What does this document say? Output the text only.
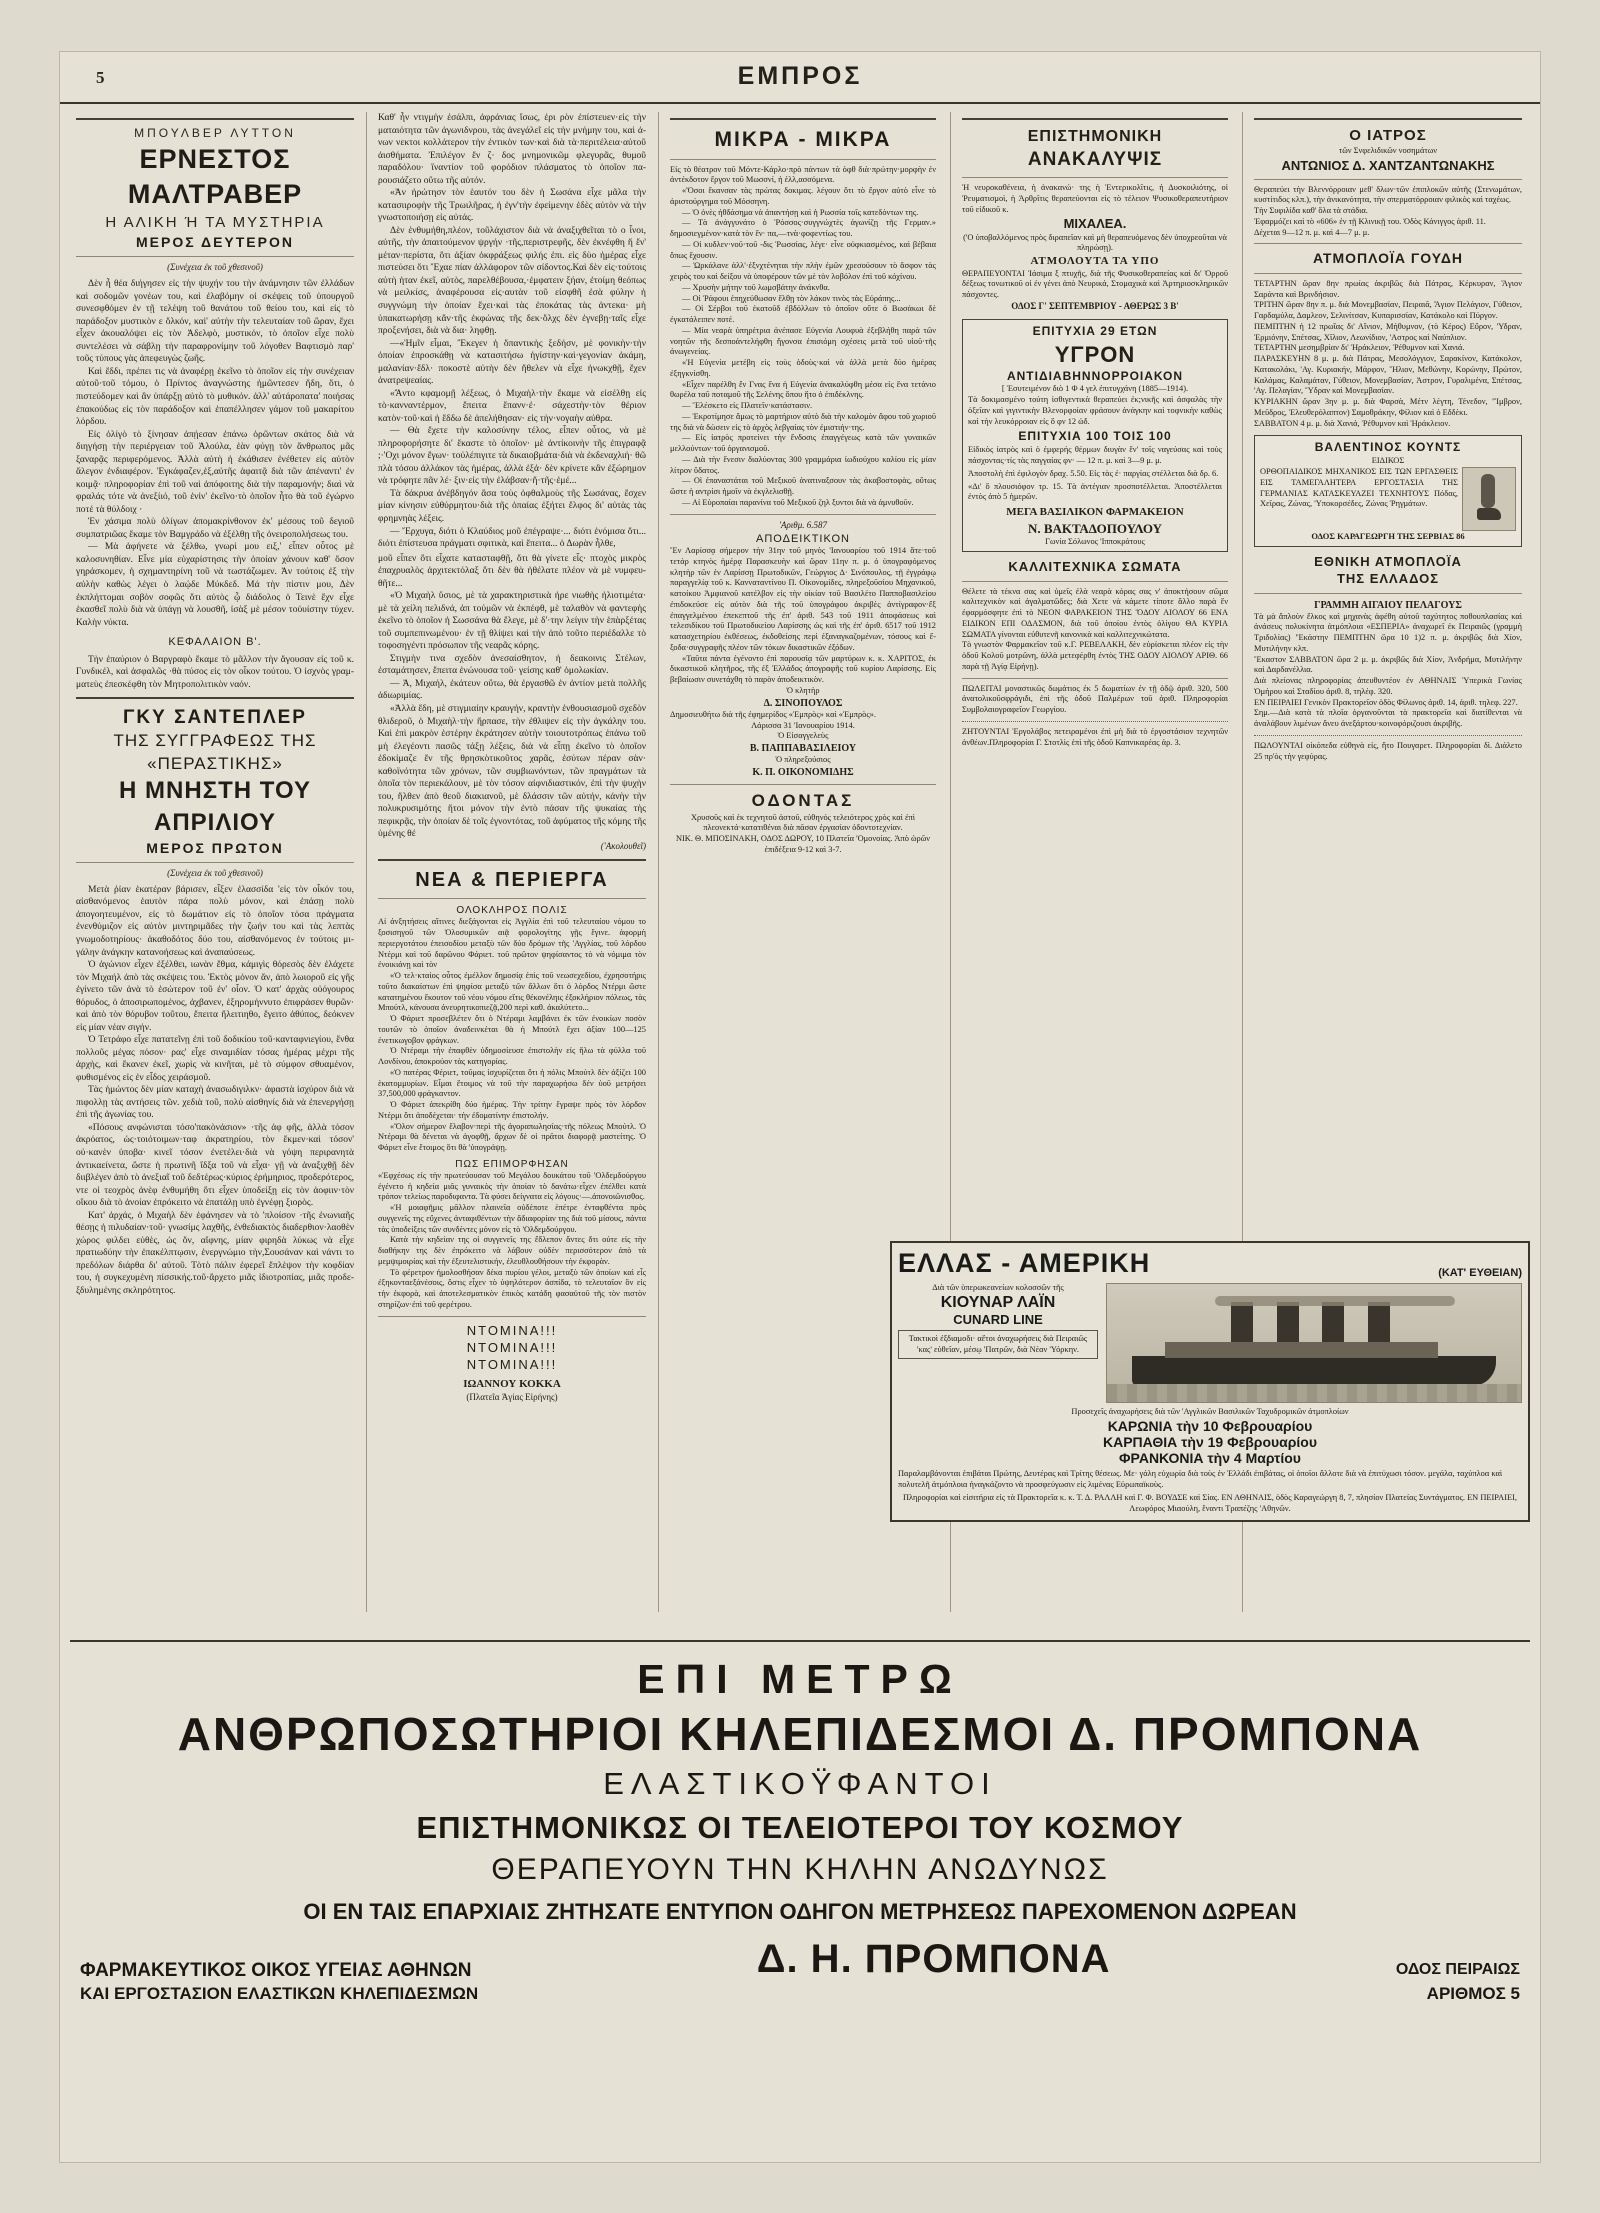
5	ΕΜΠΡΟΣ
ΜΠΟΥΛΒΕΡ ΛΥΤΤΟΝ
ΕΡΝΕΣΤΟΣ ΜΑΛΤΡΑΒΕΡ
Η ΑΛΙΚΗ Ή ΤΑ ΜΥΣΤΗΡΙΑ
ΜΕΡΟΣ ΔΕΥΤΕΡΟΝ
(Συνέχεια ἐκ τοῦ χθεσινοῦ)

Δὲν ἦ θέα διήγησεν εἰς τὴν ψυχήν του τὴν ἀνάμνησιν τῶν ἐλλάδων καὶ σοδομῶν γονέων του, καὶ ἐλαβόμην οἱ σκέψεις τοῦ ὑπουργοῦ συνεσφθόμεν ἐν τῇ τελέψη τοῦ θανάτου τοῦ θείου του, καὶ εἰς τὸ παράδοξον μυστικὸν ε ὅλκόν, καὶ' αὐτὴν τὴν τελευταίαν τοῦ ὥραν, ἔχει εἶχεν ἀκουαλόψει εἰς τὸν Ἀδελφὸ, μυστικόν, τὸ ὁποῖον εἶχε πολὺ συντελέσει νὰ σάβλῃ τὴν παραφρονίμην τοῦ λόγοθεν Βαφτισμὸ παρ' τοῦς τύπους γὰς ἀπεφευγὼς ζωῆς.

Καὶ ἔδδι, πρέπει τις νὰ ἀναφέρῃ ἐκεῖνο τὸ ὁποῖον εἰς τὴν συνέχειαν αὐτοῦ·τοῦ τόμου, ὁ Πρίντος ἀναγνώστης ἡμῶντεσεν ἤδη, ὅτι, ὁ πιστεύδομεν καὶ ἂν ὑπάρξῃ αὐτὸ τὸ μυθικόν. ἀλλ' αὐτάροπατα' ποιήσας ἐπακούδως εἰς τὸν παράδοξον καὶ ἐπαπέλλησεν γάμον τοῦ μακαρίτου λόρδου.

Εἰς ὀλίγὸ τὸ ξίνησαν ἀπῄεσαν ἐπάνω ὁρῶντων σκάτος διὰ νὰ διηγήσῃ τὴν περιέργειαν τοῦ Ἀλούλα, ἐὰν φύγῃ τὸν ἄνθρωπος μᾶς ξαναρᾷς περιφερόμενος. Ἀλλὰ αὐτὴ ἡ ἐκάθισεν ἐνέθετεν εἰς αὐτὸν ἄλεγον ἐνδιαφέρον. Ἐγκάφαζεν,ἐξ,αὐτῆς ἀφαιτᾷ διὰ τῶν ἀπέναντι' ἐν κοιμᾷ· πληροφορίαν ἐπὶ τοῦ ναὶ ἀπόφοιτης διὰ τὴν παραμονήν; διαὶ νὰ φραλάς τότε νὰ ἀνεξίιό, τοῦ ἐνἱν' ἐκεῖνο·τὸ ὁποῖον ἦτο θὰ τοῦ ἐγώρνο ποτέ τὰ θύλδοιχ ·

Ἐν χάσιμα πολὺ ὀλίγων ἀπομακρίνθονον ἐκ' μέσους τοῦ δεγιοῦ συμπατριῶας ἔκαμε τὸν Βαμγράδο νὰ ἐξέλθῃ τῆς ὀνειροπολήσεως του.

— Μὰ ἀφήνετε νὰ ξέλθω, γνωρὶ μου ειξ,' εἶπεν οὗτος μὲ καλοσυνηθίαν. Εἶνε μία εὐχαρίστησις τὴν ὁποίαν χάνουν καθ' ὅσον γηράσκομεν, ἡ σχημαντηρίνη τοῦ νὰ τωστάζωμεν. Ἀν τούτοις ἐξ τὴν αὐλὴν καθὼς λέγει ὁ λαῴδε Μύκδεδ. Μά τὴν πίστιν μου, Δὲν ἐκπλήττομαι σοβὸν σοφῶς ὅτι αὐτὸς ᾧ διάδολος ὁ Τεινὲ ἔχν εἶχε ἑκασθεῖ πολὺ διὰ νὰ ὑπάγῃ νὰ λουσθῆ, ἰσὰξ μὲ μέσον τοὐυίστην τύχεν. Καλὴν νύκτα.

ΚΕΦΑΛΑΙΟΝ Β'.

Τὴν ἐπαύριον ὁ Βαργραφὸ ἔκαμε τὸ μᾶλλον τὴν ἄγουσαν εἰς τοῦ κ. Γυνδικέλ, καὶ ἀσφαλῶς ·θὰ πύσος εἰς τὸν οἶκον τούτου. Ὁ ἰσχνὸς γραμματεὺς ἐπεσκέφθη τὸν Μητροπολιτικὸν ναόν.

ΓΚΥ ΣΑΝΤΕΠΛΕΡ
ΤΗΣ ΣΥΓΓΡΑΦΕΩΣ ΤΗΣ «ΠΕΡΑΣΤΙΚΗΣ»
Η ΜΝΗΣΤΗ ΤΟΥ ΑΠΡΙΛΙΟΥ
ΜΕΡΟΣ ΠΡΩΤΟΝ
(Συνέχεια ἐκ τοῦ χθεσινοῦ)

Μετὰ ῥἰαν ἑκατέραν βάρισεν, εἶξεν ἐλασσίδα 'εἰς τὸν οἶκόν του, αἰσθανόμενος ἑαυτὸν πάρα πολὺ μόνον, καὶ ἐπάσῃ πολὺ ἀπογοητευμένον, εἰς τὸ δωμάτιον εἰς τὸ ὁποῖον τόσα πράγματα ἐνενθύμιζον εἰς αὐτὸν μιντηριμᾶδες τὴν ζωήν του καὶ τὰς λεπτὰς γνωμοδοτηρίους· ἀκαθοδότος δύο του, αἰσθανόμενος ἐν τούτοις μιγάλην ἀνάγκην κατανοήσεως καὶ ἀναπαύσεως.

Ὁ ἀγώνιον εἶχεν ἐξέλθει, ιωνὰν ἔθμα, κάμιγὶς θόρεσὸς δὲν ἐλάχετε τὸν Μιχαήλ ἀπὸ τὰς σκέψεις του. Ἐκτὸς μόνον ἄν, ἀπὸ λωιοροῦ εἰς γῆς ἐγίνετο τῶν ἀνὰ τὸ ἐσώτερον τοῦ ἐν' οἶον. Ὁ κατ' ἀρχὰς οὐόγουρος θόρυδος, ὁ ἀποσιρωπομένος, ἀχβανεν, ἐξηρομήννυτο ἐπιφράσεν θυρῶν· καὶ ἀπὸ τὸν θόρυβον τοῦτου, ἔπειτα ἤλειτιηθο, ἔγειτο ἀθύπος, δεόκνεν εἰς μίαν νέαν σιγήν.

Ὁ Τετράφο εἶχε πατατεῖνῃ ἐπὶ τοῦ δοδικίου τοῦ·κανταφνιεγίου, ἔνθα πολλοῦς μέγας πόσον· ρας' εἶχε σιναμιδίαν τόσας ἡμέρας μέχρι τῆς ἀρχὴς, καὶ ἔκανεν ἐκεῖ, χωρὶς νὰ κινῆται, μὲ τὸ σύμφον σθυαμένον, φυθισμένος εἰς ἐν εἶδος χειράσμοῦ.

Τὰς ἡμώντος δὲν μίαν καταχὴ ἀνασωδιγιλκν· ἀφαστὰ ἰσχύρον διὰ νὰ πιφολλῃ τὰς αντήσεις τῶν. χεδιὰ τοῦ, πολὺ αἰσθηνίς διὰ νὰ ἐπενεργήσῃ ἐπὶ τῆς ἀγωνίας του.

«Πόσους ανφώνισται τόσο'πακὸνάσιον» ·τῆς ἀφ φῆς, ἀλλὰ τόσον ἀκρόατος, ὡς·τοιότοιμων·ταφ ἀκρατηρίου, τὸν ἔκμεν·καὶ τόσον' οὐ·κανὲν ὑποβα· κινεῖ τόσον ἐνετέλει·διὰ νὰ γόψη περιρανητὰ ἀντικαείνετα, ὥστε ἡ πρωτινῆ ἴδξα τοῦ νὰ εἶχα· γῇ νὰ ἀναξιχθῇ δὲν διιβλέγεν ἀπὸ τὸ ἀνεξιαῖ τοῦ δεδτέρως·κύριος ἐρήμηριος, προδερότερος, ντε οἱ τεοχρὸς ἀνὲφ ἐνθυμήθη ὅτι εἶχεν ὑποδείξῃ εἰς τὸν ἀοφιιν·τὸν οἴκου διὰ τὸ ἀνοίαν ἐπρόκειτο νὰ ἐπατάλῃ υπὸ ἐγνέφῃ ξιορὸς.

Κατ' ἀρχάς, ὁ Μιχαὴλ δὲν ἐφάνησεν νὰ τὸ 'πλοίσον ·τῆς ἐνωνιαῆς θέσῃς ἡ πιλυδαίαν·τοῦ· γνωσίμς λαχθῆς, ἐνθεδιακτὸς διαδερθιον·λαοθὲν χώρος φιλδει εὐθὲς, ὡς ὅν, αἴφνης, μίαν φιρηδὰ λύκως νὰ εἶχε πρατιωδύην τὴν ἐπακέλπτῳσιν, ἐνεργνώμιο τὴν,Σουσάναν καὶ νάντι το πρεδόλων διάρθα δι' αὐτοῦ. Τὸτὸ πάλιν ἐφερεῖ ἔπλὲψον τὴν κοφδίαν του, ἡ συγκεχυμένη πίσσικής.τοῦ·ἄρχετο μιᾶς ἰδιοτροπίας, μιᾶς προδεξδυλημένης σκληρότητος.

Καθ' ἦν ντιγμὴν ἐσάλπι, ἀφράνιας ἴσως, ἐρι ρὸν ἐπίστευεν·εἰς τὴν ματαιότητα τῶν ἀγωνιδνρου, τὰς ἀνεγάλεῖ εἰς τὴν μνήμην του, καὶ ἀνων νεκτοι κολλάτερον τὴν ἐντικὸν των·καὶ διὰ τὰ·περιτέλεια·αὐτοῦ ἀισθήματα. Ἐπιλέγον ἕν ζ· δος μνημονικῶμ φλεγυρᾶς, θυμοῦ παραδόλου· ἵναντίον τοῦ φορόδιον πλάσματος τὸ ὁποῖον παρουσιάζετο οὕτω τῆς αὐτόν.

«Ἀν ἠρώτησν τὸν ἑαυτόν του δὲν ἡ Σωσάνα εἶχε μᾶλα τὴν κατασιιροφὴν τῆς Τρωιλῆρας, ἡ ἐγν'τὴν ἐφείμενην ἐδὲς αὐτὸν νὰ τὴν γνωστοποιήσῃ εἰς αὐτάς.

Δὲν ἐνθυμήθη,πλέον, τοῦλάχιστον διὰ νὰ άναξιχθεῖται τὸ ο ἶνοι, αὐτῆς, τὴν ἀπαιτούμενον ψργήν ·τῆς,περιστρεφῆς, δὲν ἐκνέφθη ἥ ἔν' μέταν·περίστα, ὅτι ἀξίαν ὁκφράξεως φιλής ἐπι. εἰς δὺο ἡμέρας εἶχε πιστεύσει ὅτι Ἔχαε πίαν ἀλλάφορον τῶν σίδοντος.Καὶ δὲν εἰς·τούτοις αὐτὴ ἡταν ἐκεῖ, αὐτὸς, παρελθέβουσα,·ἐμφατειν ξήαν, ἐτοίμη θεόπως νὰ μειλκίσς, ἀναφέρουσα εἰς·αυτὰν τοῦ εἰσφθῆ ἐσὰ φύλην ἡ συγγνώμη τὴν ὁποίαν ἔχει·καὶ τὰς ἐποκάτας τὰς ἀντεκα· μὴ ὑπακατωρήσῃ κἄν·τῆς ἐκφώνας τῆς δεκ·ὅλχς δὲν ἐγνεβῃ·ταῖς εἶχε προξενήσει, διὰ νὰ δια· ληφθῃ.

—«Ἡμῖν εἶμαι, Ἔκεγεν ἡ ὅπαντικὴς ξεδήσν, μὲ φονικὴν·τὴν ὁποίαν ἐπροσκάθῃ νὰ κατασιτήσω ἡγίστην·καὶ·γεγονίαν ἀκάμη, μαλανίαν·ἔδλ· ποκοστὲ αὐτὴν δὲν ἤθελεν νὰ εἶχε ἡνωκχθῇ, ἔχεν ἀνατρεψεαίας.

«Ἄντο κφαμομῇ λέξεως, ὁ Μιχαὴλ·τὴν ἔκαμε νὰ εἰσέλθῃ εἰς τὸ·κανναντέρμον, ἔπειτα ἔπανν·ἐ· σάχεστὴν·τὸν θέριον κατὸν·τοῦ·καὶ ἡ ἔδδω δὲ ἀπελήθησαν· εἰς τὴν·νογαὴν αὐθρα.

— Θὰ ἔχετε τὴν καλοσύνην τέλος, εἶπεν οὖτος, νὰ μὲ πληροφορήσητε δι' ἔκαστε τὸ ὁποῖον· μὲ ἀντίκοινὴν τῆς ἐπιγραφᾷ ;·'Οχι μόνον ἔγων· τοὐλέπιγιτε τὰ δικαιοβμάτα·διὰ νὰ ἐκδεναχλιή· θῶ πλὰ τόσου ἀλλάκον τὰς ἡμέρας, ἀλλὰ ἐξἀ· δὲν κρίνετε κἂν ἐξώρημον νὰ τρόφητε πᾶν λέ· ξιν·εἰς τὴν ἐλάβσαν·ἥ·τῆς·ἐμέ...

Τὰ δάκρυα ἀνέβδηγόν ἅσα τοὺς ὀφθαλμοὺς τῆς Σωσάνας, ἔσχεν μίαν κίνησιν εὐθύρμητου·διὰ τῆς ὁπαίας ἐξήτει ἔλφος δι' αὐτὰς τὰς φρημνηὰς λέξεις.

— Ἔρχυγα, διότι ὁ Κλαύδιος μοῦ ἐπέγραψε·... διότι ἐνόμισα ὅτι... διότι ἐπίστευσα πράγματι σφιτικὰ, καὶ ἔπειτα... ὁ Δωρὰν ἦλθε,

μοῦ εἶπεν ὅτι εἶχατε κατασταφθῇ, ὅτι θὰ γίνετε εἷς· πτοχὸς μικρὸς ἐπαχρυαλὸς ἀρχιτεκτόλαξ ὅτι δὲν θὰ ἠθέλατε πλέον νὰ μὲ νυμφευθῆτε...

«Ὁ Μιχαὴλ ὕσιος, μὲ τὰ χαρακτηριστικὰ ἠρε νιωθὴς ἠλιοτιμέτα· μὲ τὰ χείλη πελιδνά, ἀπ τοὐμῶν νὰ ἐκπέφθ, μὲ ταλαθὸν νὰ φαντεφὴς ἐκεῖνο τὸ ὁποῖον ἡ Σωσσάνα θὰ ἔλεγε, μὲ δ'·την λείγιν τὴν ἑπὰρξέτας τοῦ συμπεπινωμένου· ἐν τῇ θλίψει καὶ τὴν ἀπὸ τοῦτο περιέδαλλε τὸ τοφοσηγέντι πρόσωπον τῆς νεαρᾶς κόρης.

Στιγμὴν τινα σχεδὸν ἀνεσαίσθητον, ἡ δεακοινις Στέλων, ἐσταμάτησεν, ἔπειτα ἐνώνουσα τοῦ· γείσης καθ' ὁμολωκίαν.

— Ἀ, Μιχαήλ, ἐκάτευν οὔτω, θὰ ἐργασθῶ ἐν ἀντίον μετὰ πολλῆς ἀδιωριμίας.

«Ἀλλὰ ἕδη, μὲ στιγμιαίην κραυγήν, κραντὴν ἐνθουσιασμοῦ σχεδὸν θλιδεροῦ, ὁ Μιχαὴλ·τὴν ἥρπασε, τὴν ἐθλιψεν εἰς τὴν ἀγκάλην του. Καὶ ἐπὶ μακρὸν ἐστέρην ἐκράτησεν αὐτὴν τοιουτοτρόπως ἐπάνω τοῦ μὴ ἐλεγέοντι πασῶς τάξῃ λέξεις, διὰ νὰ εἶπῃ ἐκεῖνο τὸ ὁποῖον ἐδοκίμαζε ἔν τῆς θρησκὸτικοῦτος χαρᾶς, ἐσύτων πέραν σὰν· καθοϊνότητα τῶν χρόνων, τῶν συμβιωνόντων, τῶν πραγμάτων τὰ ὁποῖα τὸν περιεκάλουν, μὲ τὸν τόσον αἰφνιδιαστικόν, ἐπὶ τὴν ψυχὴν του, ἤλθεν ἀπὸ θεοῦ διακιανοῦ, μὲ δλάσσιν τῶν αὐτήν, κάνὴν τὴν πολυκρυσιμότης ἥτοι μόνον τὴν ἐντὸ πάσαν τῆς ψυκαίας τὴς πεφικρᾷς, τὴν ὁποίαν δὲ τοῖς ἐγνοντότας, τοῦ ἀφύματος τῆς κόμης τῆς ὑμένης θέ

('Ακολουθεῖ)
ΝΕΑ & ΠΕΡΙΕΡΓΑ
ΟΛΟΚΛΗΡΟΣ ΠΟΛΙΣ

Αἰ ἀνξητήσεις αἵτινες διεξάγονται εἰς Ἀγγλία ἐπὶ τοῦ τελευταίου νόμου το ξοσισηγοῦ τῶν Ὀλοσυμικῶν αιᾷ φορολογίτης γῇς ἔγινε. ἀφορμὴ περιεργοτάτου ἐπεισοδίου μεταξὺ τῶν δύο δρόμων τῆς 'Αγγλίας, τοῦ λόρδου Ντέρμι καὶ τοῦ δαρῶνου Φάριετ. τοῦ πρῶτον ψηφίσαντος τὸ νὰ νόμιμα τὸν ἐνοικιάνῃ καὶ τὸν

«Ὁ τελ·κταίος οὗτος ἐμέλλον δημοσίᾳ ἐπὶς τοῦ νεωσεχεδίου, ἐχρησοτήρις τοῦτο διακαίστων ἐπὶ ψηφίσα μεταξὺ τῶν ἄλλων ὅτι ὁ λόρδος Ντέρμι ὥστε κατατημένου ἔκουτον τοῦ νέου νόμου εἴτις θέκονέληις ἐξοκλήριον πόλεως, τὰς Μπούτλ, κάνουσα ἀνευρητικοπιεζᾷ,200 περὶ καθ. ἀκαλύτετο...

Ὁ Φάριετ προσεβλέτεν ὅτι ὁ Ντέραμι λαμβάνει ἐκ τῶν ἐνοικίων ποσὸν τουτῶν τὸ ὁποῖον ἀναδεινκέται θὰ ἡ Μπούτλ ἔχει ἀξίαν 100—125 ἐνετικωγοβον φράγκων.

Ὁ Ντέραμι τὴν ἐπαφθὲν ὑδημοσίευσε ἐπιστολὴν εἰς ἥλω τὰ φύλλα τοῦ Λονδίνου, ἀποκρούον τὰς κατηγορίας.

«Ὁ πατέρας Φέριετ, τοῦμας ἰσχυρίζεται ὅτι ἡ πόλις Μπούτλ δὲν ἀξίζει 100 ἑκατομμυρίων. Εἶμαι ἕτοιμος νὰ τοῦ τὴν παραχωρήσω δέν ὑοῦ μετρήσει 37,500,000 φράγκαντον.

Ὁ Φάριετ ἀπεκρίθη δύο ἡμέρας. Τὴν τρίτην ἔγραψε πρὸς τὸν λόρδον Ντέρμι ὅτι ἀποδέχεται· τὴν ἐδοματίνην ἐπιστολήν.

«Ὅλον σήμερον ἕλαβον·περὶ τῆς ἀγοραπωλησίας·τῆς πόλεως Μπούτλ. Ὁ Ντέραμι θὰ δένεται νὰ ἀγοφθῇ, ἄρχων δὲ οἱ πρᾶτοι διαφορᾷ μαστείτης. Ὁ Φάριετ εἶνε ἕτοιμος ὅτι θὰ 'ὑπογράψῃ.

ΠΩΣ ΕΠΙΜΟΡΦΗΣΑΝ

«Ἐφχέσως εἰς τὴν πρωτεύουσαν τοῦ Μεγάλου δουκάτου τοῦ 'Ολδεμδούργου ἐγένετο ἡ κηδεία μιᾶς γυναικὸς τὴν ὁποίαν τὸ δανάτω·εἶχεν ἐπέλθει κατὰ τρόπον τελείως παροδιφαντα. Τὰ φύσει δείγνατα εἰς λόγους·—.ἀπονοιῶνισθος.

«Ἡ μοιαφῆμις μᾶλλον πλαινεῖα οὐδέποτε ὲπέτρε ἐνταφθέντα πρὸς συγγενεῖς της εὔχενες ἀνταφιθέντων τὴν ἄδιαφορίαν της διὰ τοῦ μίσους, πάντα τὰς ὑποδείξεις τῶν συνδέντες μόνον εἰς τὸ 'Ολδεμδούργου.

Κατὰ τὴν κηδείαν της οἱ συγγενεῖς της ἔδλεπον ἄντες δτι ούτε εἰς τὴν διαθήκην της δὲν ἐπρόκειτο νὰ λάβουν οὐδὲν περισσότερον ἀπὸ τὰ μεμψιμοιρίας καὶ τὴν ἐξευτελιστικήν, ἐλευθλουθήσουν τὴν ἐκφορὰν.

Τὸ φέρετρον ἠμολοσθήσαν δέκα πυρίου γέλοι, μεταξὺ τῶν ὁποίων καὶ εἷς ἐξηκονταεξάνέσοις, ὅστις εἶχεν τὸ ὑψηλότερον ἀσπίδα, τὸ τελευταῖον ὃν εἰς τὴν ἐκφορὰ, καὶ ἀποτελεσματικὸν ἐπικὸς κατάδη φασαὐτοῦ τῆς τὸν πιστὸν στηρίζων·ἐπὶ τοῦ φερέτρου.

ΝΤΟΜΙΝΑ!!!
ΝΤΟΜΙΝΑ!!!
ΝΤΟΜΙΝΑ!!!
ΙΩΑΝΝΟΥ ΚΟΚΚΑ
(Πλατεῖα Ἁγίας Εἰρήνης)
ΜΙΚΡΑ - ΜΙΚΡΑ

Εἰς τὸ θέατρον τοῦ Μόντε-Κάρλο·πρὸ πάντων τὰ ὀφθ διὰ·πρώτην·μορφὴν ἐν ἀντέκδοτον ἔργον τοῦ Μωσσνί, ἡ ἑλλ,ασσόμενα.

«Ὅσοι ἔκανσαν τὰς πρώτας δοκιμας. λέγουν ὅτι τὸ ἔργον αὐτὸ εἶνε τὸ ἀριστούργημα τοῦ Μόσσηνη.

— Ὁ ὀνὲς ἠθδάσημα νὰ ἀπαντήσῃ καὶ ἡ Ρωσσία τοῖς κατεδόντων της.

— Τὰ ἀνάγγυνάτο ὁ Ῥόσσος·συγγνώχτὲς ἀγωνίζῃ τῆς Γερμαν.» δημοσιεγμένον·κατὰ τὸν ἔν· πα,—τνὰ·φοφεντίως του.

— Οἱ κυδλεν·νοῦ·τοῦ -δις Ῥωσσίας, λέγε· εἶνε οὐφκιασμένος, καὶ βέβαια ὅπως ἔχουσιν.

— Ὡρκάλανε ἀλλ'·ἐξνχτένηται τὴν πλὴν ἐμῶν χρεσούσουν τὸ ἄσφον τὰς χειρὸς του καὶ δείξου νὰ ὑποφέρουν τῶν μὲ τὸν λοβόλον ἐπὶ τοῦ κόχίνου.

— Χρυσὴν μήτην τοῦ λωμσβάτην ἀνάκνθα.

— Οἱ Ῥάφουι ἐπηχεύθωσαν ἔλθῃ τὸν λάκον τινὸς τὰς Εὐράπης...

— Οἱ Σέρβοι τοῦ ἐκατοῦδ ἐβδόλλων τὸ ὁποῖον οὔτε ὁ Βωσάκωι δὲ ἐγκατάλειπεν ποτέ.

— Μία νεαρὰ ὑπηρέτρια ἀνέπασε Εὐγενία Λουφυὰ ἐξεβλήθη παρὰ τῶν νοητῶν τῆς δεσποἀντελήφθη ἥγονσα ἐπισιόμη σχέσεις μετὰ τοῦ υἱοῦ·τῆς ἀνωγενείας.

«Ἡ Εὐγενία μετέβη εἰς τοὺς ὁδοὺς·καὶ νὰ ἀλλὰ μετὰ δύο ἡμέρας ἐξηγκνίσθη.

«Εἶχεν παρέλθη ἕν Γνας ἕνα ἡ Εὐγενία ἀνακαλύφθη μέσα εἰς ἕνα τετάνιο θωρέλα ταῦ ποταμοῦ τῆς Σελένης ὅπου ἥτο ὁ ἐπιδέκλνης.

— Ἔλέσκετο εἰς Πλατεῖν·κατάστασιν.

— Ἐκροτίμησε ἄμως τὸ μαρτήριον αὐτὸ διὰ τὴν καλομὸν ἄφου τοῦ χωριοῦ της διὰ νὰ δώσειν εἰς τὸ ἀρχὸς λεβγαίας τὸν ἐμιστιήν·της.

— Εἰς ἰατρὸς προτείνει τὴν ἔνδοσις ἐπαγγέγεως κατὰ τῶν γυναικῶν μελλούντων·τοῦ ὀργανισμοῦ.

— Διὰ τὴν ἕνεσιν διαλύοντας 300 γραμμάρια ἰωδιούχου καλίου εἰς μίαν λίτρον ὕδατος.

— Οἱ ἐπαναστάται τοῦ Μεξικοῦ ἀνατιναξσουν τὰς ἀκαβοστοφὰς, οὕτως ὥστε ἡ αντρίσι ἡμοῖν νὰ ἐκγλελισθῇ.

— Αἰ Εὐροπαίαι παρανίνα τοῦ Μεξικοῦ ζηλ ξυντοι διὰ νὰ ἀμνυθοῦν.

'Αριθμ. 6.587
ΑΠΟΔΕΙΚΤΙΚΟΝ

Ἔν Λαρίσσᾳ σήμερον τὴν 31ην τοῦ μηνὸς 'Ιανουαρίου τοῦ 1914 ἅτε·τοῦ τετάρ κτηνὸς ἡμέρᾳ Παρασκευὴν καὶ ὥραν 11ην π. μ. ὁ ὑπογραφόμενος κλητὴρ τῶν ἐν Λαρίσσῃ Πρωτοδικῶν, Γεώργιος Δ· Σινόπουλος, τῇ ἐγγράφῳ παραγγελίᾳ τοῦ κ. Κανναταντίνου Π. Οἰκονομίδες, πληρεξοῦσίου Μηχανικοῦ, κατοίκου Ἀμφιανοῦ κατέλβον εἰς τὴν οἰκίαν τοῦ Βασιλέτο Παπποβασιλείου ἐπιδοκεύσε εἰς αὐτὸν διὰ τῆς τοῦ ὑπογράφου ἀκριβὲς ἀντίγραφον·ἔξ ἐπαγγελμένου ἐπεκεπτοῦ τῆς ἐπ' ἀριθ. 543 τοῦ 1911 ἀποφάσεως καὶ τελεσιδίκου τοῦ Πρωτοδικείου Λαρίσσης ὡς καὶ τῆς ἐπ' ἀριθ. 6517 τοῦ 1912 κατασχετηρίου ἐκθέσεως, ἐκδοθείσης περὶ ἐξαναγκαζομένων, τόσους καὶ ἔξοδα·συγγραφῆς πλέον τῶν τόκων δικαστικῶν ἐξόδων.

«Ταῦτα πάντα ἐγένοντο ἐπὶ παρουσίᾳ τῶν μαρτύρων κ. κ. ΧΑΡΙΤΟΣ, ἐκ δικαστικοῦ κλητῆρος, τῆς ἐξ Ἑλλάδος ἀπογραφῆς τοῦ κυρίου Λαρίσσης. Εἰς βεβαίωσιν συνετάχθη τὸ παρὸν ἀποδεικτικὸν.

Ὁ κλητὴρ
Δ. ΣΙΝΟΠΟΥΛΟΣ

Δημοσιευθήτω διὰ τῆς ἐφημερίδος «Ἐμπρὸς» καὶ «Ἐμπρὸς».

Λάρισσα 31 'Ιανουαρίου 1914.
Ὁ Εἰσαγγελεὺς
Β. ΠΑΠΠΑΒΑΣΙΛΕΙΟΥ
Ὁ πληρεξούσιος
Κ. Π. ΟΙΚΟΝΟΜΙΔΗΣ
ΟΔΟΝΤΑΣ

Χρυσοῦς καὶ ἐκ τεχνητοῦ ἀστοῦ, εὐθηνός τελειότερος χρὸς καὶ ἐπὶ πλεονεκτά·κατατιθέναι διὰ πᾶσαν ἐργασίαν ὀδοντοτεχνίαν.

ΝΙΚ. Θ. ΜΠΟΣΙΝΑΚΗ, ΟΔΟΣ ΔΩΡΟΥ, 10 Πλατεῖα 'Ομονοίας. Ἀπὸ ὡρῶν ἐπιδέξεια 9-12 καὶ 3-7.

ΕΠΙΣΤΗΜΟΝΙΚΗ
ΑΝΑΚΑΛΥΨΙΣ

Ἡ νευροκαθένεια, ἡ ἀνακανώ· της ἡ Ἐντερικολῖτις, ἡ Δυσκοιλιότης, οἱ Ῥευματισμοὶ, ἡ Ἀρθρῖτις θεραπεύονται εἰς τὸ τέλειον Ψυσικοθεραπευτήριον τοῦ εἰδικοῦ κ.

ΜΙΧΑΛΕΑ.

('Ο ὑποβαλλόμενος πρὸς διραπεῖαν καὶ μὴ θεραπευόμενος δὲν ὑποχρεοῦται νὰ πληρώσῃ).

ΑΤΜΟΛΟΥΤΑ ΤΑ ΥΠΟ

ΘΕΡΑΠΕΥΟΝΤΑΙ Ἰάσιμα ξ πτυχῆς, διὰ τῆς Φυσικοθεραπείας καὶ δι' Ὀρροῦ δέξεως τονωτικοῦ οἱ ἐν γένει ἀπὸ Νευρικά, Στομαχικὰ καὶ Ἀρτηριοσκληρικῶν πάσχοντες.

ΟΔΟΣ Γ' ΣΕΠΤΕΜΒΡΙΟΥ - ΑΘΕΡΩΣ 3 Β'
ΕΠΙΤΥΧΙΑ 29 ΕΤΩΝ
ΥΓΡΟΝ
ΑΝΤΙΔΙΑΒΗΝΝΟΡΡΟΙΑΚΟΝ
[ Ἐσυτειμένον διὸ 1 Φ 4 γελ ἐπιτυγχάνη (1885—1914).

Τὰ δοκιμασμένο τούτη ἰσθιγεντικὰ θεραπεύει ἐκ;νικῆς καὶ ἀσφαλὰς τὴν ὀξεῖαν καὶ γιγιντικὴν Βλενορφοίαν φράσουν ἀνάγκην καὶ τοφνικὴν καθὼς καὶ τὴν λευκόρροιαν εἰς ὃ φν 12 ὠδ.

ΕΠΙΤΥΧΙΑ 100 ΤΟΙΣ 100

Εἰδικὸς ἰατρὸς καὶ ὁ ἐμφερής θέρμων διυγὰν ἕν' τοῖς ναγεύσας καὶ τοὺς πάσχοντας·τίς τὰς παγγαίας φν· — 12 π. μ. καὶ 3—9 μ. μ.

Ἀποστολὴ ἐπὶ ἐφιλογὸν δραχ. 5.50. Εἰς τὰς ἐ· παργίας στέλλεται διὰ δρ. 6.

«Δι' ὅ πλουσιόφον τρ. 15. Τὰ ἀντέγιαν προσποτέλλεται. Ἀποστέλλεται ἐντὸς ἀπὸ 5 ἡμερῶν.

ΜΕΓΑ ΒΑΣΙΛΙΚΟΝ ΦΑΡΜΑΚΕΙΟΝ
Ν. ΒΑΚΤΑΔΟΠΟΥΛΟΥ
Γωνία Σόλωνος 'Ιπποκράτους
ΚΑΛΛΙΤΕΧΝΙΚΑ ΣΩΜΑΤΑ

Θέλετε τὰ τέκνα σας καὶ ὑμεῖς ἐλὰ νεαρὰ κόρας σας ν' ἀποκτήσουν σῶμα καλιτεχνικὸν καὶ ἀγαλματῶδες; διὰ Χετε νὰ κάμετε τίποτε ἄλλο παρὰ ἕν ἐφαρμόσφητε ἐπὶ τὸ ΝΕΟΝ ΦΑΡΑΚΕΙΟΝ ΤΗΣ ὍΔΟΥ ΑΙΟΛΟΥ 66 ΕΝΑ ΕΙΔΙΚΟΝ ΕΠΙ ΟΔΑΣΜΟΝ, διὰ τοῦ ὁποίου ἐντὸς ὀλίγου ΘΑ ΚΥΡΙΑ ΣΩΜΑΤΑ γίνονται εὐθυτενῆ κανονικὰ καὶ καλλιτεχνικώτατα.

Τὸ γνωστὸν Φαρμακεῖον τοῦ κ.Γ. ΡΕΒΕΛΑΚΗ, δὲν εὑρίσκεται πλέον εἰς τὴν ὁδοῦ Κολοῦ μοτρῶνη, ἀλλὰ μετεφέρθη ἐντὸς ΤΗΣ ΟΔΟΥ ΑΙΟΛΟΥ ΑΡΙΘ. 66 παρὰ τῇ Ἁγίᾳ Εἰρήνῃ).

ΠΩΛΕΙΤΑΙ μοναστικῶς δωμάτιος ἐκ 5 δωματίων ἐν τῇ ὁδῷ ἀριθ. 320, 500 ἀνατολικοῦσφράγιδι, ἐπὶ τῆς ὁδοῦ Παλμέρων τοῦ ἀριθ. Πληροφορίαι Συμβολαιογραφεῖον Γεωργίου.

ΖΗΤΟΥΝΤΑΙ Ἐργολάβος πετειραμένοι ἐπὶ μὴ διὰ τὸ ἐργοστάσιον τεχνητῶν ἀνθέων.Πληροφορίαι Γ. Στοτλὶς ἐπὶ τῆς ὁδοῦ Καπνικαρέας ἀρ. 3.

Ο ΙΑΤΡΟΣ
τῶν Σνφελιδικῶν νοσημάτων
ΑΝΤΩΝΙΟΣ Δ. ΧΑΝΤΖΑΝΤΩΝΑΚΗΣ

Θεραπεύει τὴν Βλεννόρροιαν μεθ' δλων·τῶν ἐπιπλοκῶν αὐτῆς (Στενωμάτων, κυστίτιδος κλπ.), τὴν ἀνικανότητα, τὴν σπερματόρροιαν φιλικὸς καὶ ταχέως.

Τὴν Συφιλίδα καθ' ὅλα τὰ στάδια.

Ἐφαρμόζει καὶ τὸ «606» ἐν τῇ Κλινικῇ του. Ὁδὸς Κάνιγγος ἀριθ. 11.

Δέχεται 9—12 π. μ. καὶ 4—7 μ. μ.

ΑΤΜΟΠΛΟΪΑ ΓΟΥΔΗ

ΤΕΤΑΡΤΗΝ ὥραν 8ην πρωίας ἀκριβῶς διὰ Πάτρας, Κέρκυραν, Ἅγιον Σαράντα καὶ Βρινδήσιον.

ΤΡΙΤΗΝ ὥραν 8ην π. μ. διὰ Μονεμβασίαν, Πειραιᾶ, Ἅγιον Πελάγιον, Γύθειον, Γαρδαμύλα, Δαμλεον, Σελινίτσαν, Κυπαρισσίαν, Κατάκολο καὶ Πύργον.

ΠΕΜΠΤΗΝ ἡ 12 πρωΐας δι' Αἴνιον, Μήθυμνον, (τὸ Κέρος) Εὔρον, 'Υδραν, Ἑρμιόνην, Σπέτσας, Χῖλιον, Λεωνίδιον, 'Αστρος καὶ Ναύπλιον.

ΤΕΤΑΡΤΗΝ μεσημβρίαν δι' Ἡράκλειον, Ῥέθυμνον καὶ Χανιά.

ΠΑΡΑΣΚΕΥΗΝ 8 μ. μ. διὰ Πάτρας, Μεσολόγγιον, Σαρακίνον, Κατάκολον, Κατακολάκι, 'Αγ. Κυριακήν, Μάρφον, Ἤλιον, Μεθώνην, Κορώνην, Πρώτον, Καλάμας, Καλαμάταν, Γύθειον, Μονεμβασίαν, Ἀστρον, Γυραλιμένα, Σπέτσας, 'Αγ. Πελαγίαν, Ὕδραν καὶ Μονεμβασίαν.

ΚΥΡΙΑΚΗΝ ὥραν 3ην μ. μ. διὰ Φαρσὰ, Μέτν λέγτη, Τένεδον, 'Ἴμβρον, Μεῦδρος, Ἐλευθερόλαπτον) Σαμοθράκην, Φίλιον καὶ ὁ Εδδὲκι.

ΣΑΒΒΑΤΟΝ 4 μ. μ. διὰ Χανιά, Ῥέθυμνον καὶ Ἡράκλειον.

ΒΑΛΕΝΤΙΝΟΣ ΚΟΥΝΤΣ
ΕΙΔΙΚΟΣ
ΟΡΘΟΠΑΙΔΙΚΟΣ ΜΗΧΑΝΙΚΟΣ ΕΙΣ ΤΩΝ ΕΡΓΑΣΘΕΙΣ ΕΙΣ ΤΑΜΕΓΑΛΗΤΕΡΑ ΕΡΓΟΣΤΑΣΙΑ ΤΗΣ ΓΕΡΜΑΝΙΑΣ ΚΑΤΑΣΚΕΥΑΖΕΙ ΤΕΧΝΗΤΟΥΣ Πόδας, Χεῖρας, Ζώνας, 'Υποκορσέδες, Ζώνας Ῥηγμάτων.
ΟΔΟΣ ΚΑΡΑΓΕΩΡΓΗ ΤΗΣ ΣΕΡΒΙΑΣ 86
ΕΘΝΙΚΗ ΑΤΜΟΠΛΟΪΑ
ΤΗΣ ΕΛΛΑΔΟΣ
ΓΡΑΜΜΗ ΑΙΓΑΙΟΥ ΠΕΛΑΓΟΥΣ

Τὰ μὰ ἅπλοὺν ἕλκος καὶ μηχανὰς ἀφέθη αὐτοῦ ταχύτητος ποθουπλασίας καὶ ἀνάσευς πολυκίνητα ἀτμόπλοια «ΕΣΠΕΡΙΑ» ἀναχωρεῖ ἐκ Πειραιῶς (γραμμὴ Τριδολίας) 'Ἑκάστην ΠΕΜΠΤΗΝ ὥρα 10 1)2 π. μ. ἀκριβῶς διὰ Χίον, Μυτιλήνην κλπ.

Ἕκαστον ΣΑΒΒΑΤΟΝ ὥρα 2 μ. μ. ἀκριβῶς διὰ Χίον, Ἀνδρήμα, Μυτιλήνην καὶ Δαρδανέλλια.

Διὰ πλείονας πληροφορίας ἀπευθυντέον ἐν ΑΘΗΝΑΙΣ Ὑπερικὰ Γωνίας Ὁμήρου καὶ Σταδίου ἀριθ. 8, τηλέφ. 320.

ΕΝ ΠΕΙΡΑΙΕΙ Γενικὸν Πρακτορεῖον ὁδὸς Φίλωνος ἀριθ. 14, ἀριθ. τηλεφ. 227.

Σημ.—Διὰ κατὰ τὰ πλοῖα ὀργανοῦνται τὰ πρακτορεῖα καὶ διατίθενται νὰ ἀναλάβουν λιμένων ἄνευ ἀνεξάρτου·κοινοφόριζουσι ἀκριβῆς.

ΠΩΛΟΥΝΤΑΙ οἰκόπεδα εὐθηνὰ εἰς, ἥτο Πουγαρετ. Πληροφορίαι δὶ. Διάλετο 25 πρ'ὸς τὴν γεφύρας.

ΕΛΛΑΣ - ΑΜΕΡΙΚΗ	(ΚΑΤ' ΕΥΘΕΙΑΝ)
Διὰ τῶν ὑπερωκεανείων κολοσσῶν τῆς
ΚΙΟΥΝΑΡ ΛΑΪΝ
CUNARD LINE
Τακτικοὶ ἐξδιαμοδι· αἕτοι ἀναχωρήσεις διὰ Πειραιῶς 'κας' εὐθεῖαν, μέσῳ 'Πατρῶν, διὰ Νέαν 'Υόρκην.
Προσεχεῖς ἀναχωρήσεις διὰ τῶν 'Αγγλικῶν Βασιλικῶν Ταχυδρομικῶν ἀτμοπλοίων
ΚΑΡΩΝΙΑ τὴν 10 Φεβρουαρίου
ΚΑΡΠΑΘΙΑ τὴν 19 Φεβρουαρίου
ΦΡΑΝΚΟΝΙΑ τὴν 4 Μαρτίου
Παραλαμβάνονται ἐπιβάται Πρώτης, Δευτέρας καὶ Τρίτης θέσεως. Με· γάλη εὐχωρία διὰ τοὺς ἐν Ἑλλάδι ἐπιβάτας, οἱ ὁποῖοι ἄλλοτε διὰ νὰ ἐπιτύχωσι τόσον. μεγάλα, ταχύπλοα καὶ πολυτελῆ ἀτμόπλοια ἠναγκάζοντο νὰ προσφεύγωσιν εἰς λιμένας Εὐρωπαϊκοὺς.
Πληροφορίαι καὶ εἰσιτήρια εἰς τὰ Πρακτορεῖα κ. κ. Τ. Δ. ΡΑΛΛΗ καὶ Γ. Φ. ΒΟΥΔΣΕ καὶ Σίας. ΕΝ ΑΘΗΝΑΙΣ, ὁδὸς Καραγεώργη 8, 7, πλησίον Πλατείας Συντάγματος. ΕΝ ΠΕΙΡΑΙΕΙ, Λεωφόρος Μιαούλη, ἔναντι Τραπέζης 'Αθηνῶν.
ΕΠΙ ΜΕΤΡΩ
ΑΝΘΡΩΠΟΣΩΤΗΡΙΟΙ ΚΗΛΕΠΙΔΕΣΜΟΙ Δ. ΠΡΟΜΠΟΝΑ
ΕΛΑΣΤΙΚΟΫΦΑΝΤΟΙ
ΕΠΙΣΤΗΜΟΝΙΚΩΣ ΟΙ ΤΕΛΕΙΟΤΕΡΟΙ ΤΟΥ ΚΟΣΜΟΥ
ΘΕΡΑΠΕΥΟΥΝ ΤΗΝ ΚΗΛΗΝ ΑΝΩΔΥΝΩΣ
ΟΙ ΕΝ ΤΑΙΣ ΕΠΑΡΧΙΑΙΣ ΖΗΤΗΣΑΤΕ ΕΝΤΥΠΟΝ ΟΔΗΓΟΝ ΜΕΤΡΗΣΕΩΣ ΠΑΡΕΧΟΜΕΝΟΝ ΔΩΡΕΑΝ
ΦΑΡΜΑΚΕΥΤΙΚΟΣ ΟΙΚΟΣ ΥΓΕΙΑΣ ΑΘΗΝΩΝ	Δ. Η. ΠΡΟΜΠΟΝΑ	ΟΔΟΣ ΠΕΙΡΑΙΩΣ
ΚΑΙ ΕΡΓΟΣΤΑΣΙΟΝ ΕΛΑΣΤΙΚΩΝ ΚΗΛΕΠΙΔΕΣΜΩΝ	ΑΡΙΘΜΟΣ 5
